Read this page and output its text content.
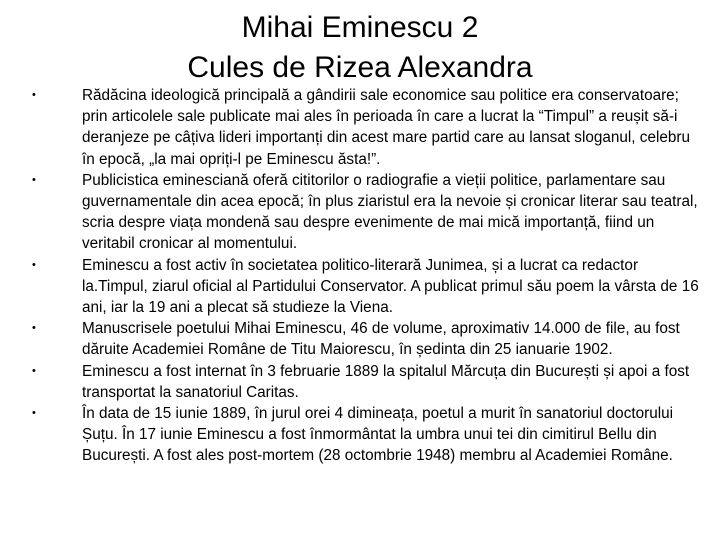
Mihai Eminescu 2
Cules de Rizea Alexandra
•	Rădăcina ideologică principală a gândirii sale economice sau politice era conservatoare; prin articolele sale publicate mai ales în perioada în care a lucrat la “Timpul” a reușit să-i deranjeze pe câțiva lideri importanți din acest mare partid care au lansat sloganul, celebru în epocă, „la mai opriți-l pe Eminescu ăsta!”.
•	Publicistica eminesciană oferă cititorilor o radiografie a vieții politice, parlamentare sau guvernamentale din acea epocă; în plus ziaristul era la nevoie și cronicar literar sau teatral, scria despre viața mondenă sau despre evenimente de mai mică importanță, fiind un veritabil cronicar al momentului.
•	Eminescu a fost activ în societatea politico-literară Junimea, și a lucrat ca redactor la.Timpul, ziarul oficial al Partidului Conservator. A publicat primul său poem la vârsta de 16 ani, iar la 19 ani a plecat să studieze la Viena.
•	Manuscrisele poetului Mihai Eminescu, 46 de volume, aproximativ 14.000 de file, au fost dăruite Academiei Române de Titu Maiorescu, în ședinta din 25 ianuarie 1902.
•	Eminescu a fost internat în 3 februarie 1889 la spitalul Mărcuța din București și apoi a fost transportat la sanatoriul Caritas.
•	În data de 15 iunie 1889, în jurul orei 4 dimineața, poetul a murit în sanatoriul doctorului Șuțu. În 17 iunie Eminescu a fost înmormântat la umbra unui tei din cimitirul Bellu din București. A fost ales post-mortem (28 octombrie 1948) membru al Academiei Române.
